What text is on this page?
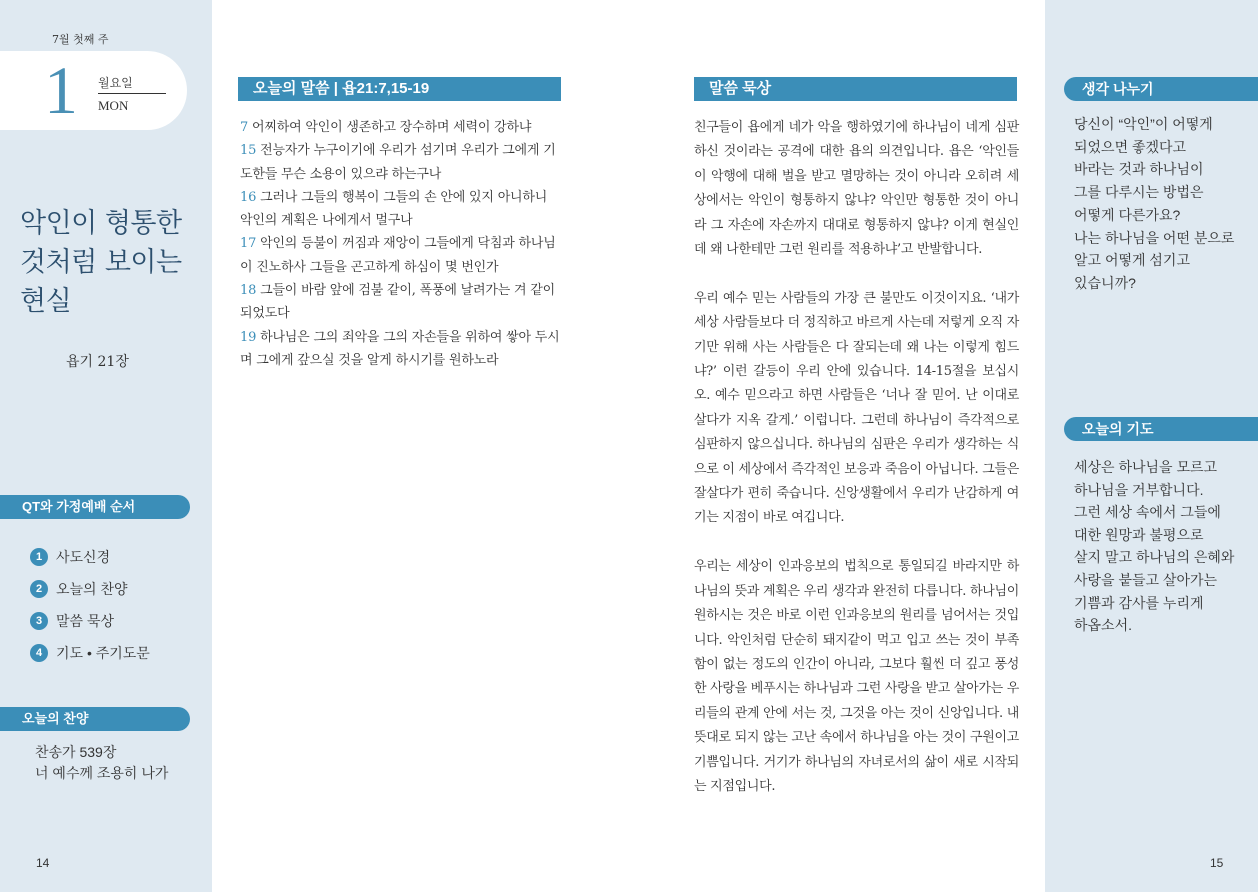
7월 첫째 주
1 월요일
MON
악인이 형통한 것처럼 보이는 현실
욥기 21장
QT와 가정예배 순서
1 사도신경
2 오늘의 찬양
3 말씀 묵상
4 기도 • 주기도문
오늘의 찬양
찬송가 539장
너 예수께 조용히 나가
14
오늘의 말씀 | 욥21:7,15-19
7 어찌하여 악인이 생존하고 장수하며 세력이 강하냐
15 전능자가 누구이기에 우리가 섬기며 우리가 그에게 기도한들 무슨 소용이 있으랴 하는구나
16 그러나 그들의 행복이 그들의 손 안에 있지 아니하니 악인의 계획은 나에게서 멀구나
17 악인의 등불이 꺼짐과 재앙이 그들에게 닥침과 하나님이 진노하사 그들을 곤고하게 하심이 몇 번인가
18 그들이 바람 앞에 검불 같이, 폭풍에 날려가는 겨 같이 되었도다
19 하나님은 그의 죄악을 그의 자손들을 위하여 쌓아 두시며 그에게 갚으실 것을 알게 하시기를 원하노라
말씀 묵상

친구들이 욥에게 네가 악을 행하였기에 하나님이 네게 심판하신 것이라는 공격에 대한 욥의 의견입니다. 욥은 ‘악인들이 악행에 대해 벌을 받고 멸망하는 것이 아니라 오히려 세상에서는 악인이 형통하지 않냐? 악인만 형통한 것이 아니라 그 자손에 자손까지 대대로 형통하지 않냐? 이게 현실인데 왜 나한테만 그런 원리를 적용하냐’고 반발합니다.

우리 예수 믿는 사람들의 가장 큰 불만도 이것이지요. ‘내가 세상 사람들보다 더 정직하고 바르게 사는데 저렇게 오직 자기만 위해 사는 사람들은 다 잘되는데 왜 나는 이렇게 힘드냐?’ 이런 갈등이 우리 안에 있습니다. 14-15절을 보십시오. 예수 믿으라고 하면 사람들은 ‘너나 잘 믿어. 난 이대로 살다가 지옥 갈게.’ 이럽니다. 그런데 하나님이 즉각적으로 심판하지 않으십니다. 하나님의 심판은 우리가 생각하는 식으로 이 세상에서 즉각적인 보응과 죽음이 아닙니다. 그들은 잘살다가 편히 죽습니다. 신앙생활에서 우리가 난감하게 여기는 지점이 바로 여깁니다.

우리는 세상이 인과응보의 법칙으로 통일되길 바라지만 하나님의 뜻과 계획은 우리 생각과 완전히 다릅니다. 하나님이 원하시는 것은 바로 이런 인과응보의 원리를 넘어서는 것입니다. 악인처럼 단순히 돼지같이 먹고 입고 쓰는 것이 부족함이 없는 정도의 인간이 아니라, 그보다 훨씬 더 깊고 풍성한 사랑을 베푸시는 하나님과 그런 사랑을 받고 살아가는 우리들의 관계 안에 서는 것, 그것을 아는 것이 신앙입니다. 내 뜻대로 되지 않는 고난 속에서 하나님을 아는 것이 구원이고 기쁨입니다. 거기가 하나님의 자녀로서의 삶이 새로 시작되는 지점입니다.

생각 나누기
당신이 “악인”이 어떻게
되었으면 좋겠다고
바라는 것과 하나님이
그를 다루시는 방법은
어떻게 다른가요?
나는 하나님을 어떤 분으로
알고 어떻게 섬기고
있습니까?
오늘의 기도
세상은 하나님을 모르고
하나님을 거부합니다.
그런 세상 속에서 그들에
대한 원망과 불평으로
살지 말고 하나님의 은혜와
사랑을 붙들고 살아가는
기쁨과 감사를 누리게
하옵소서.
15
